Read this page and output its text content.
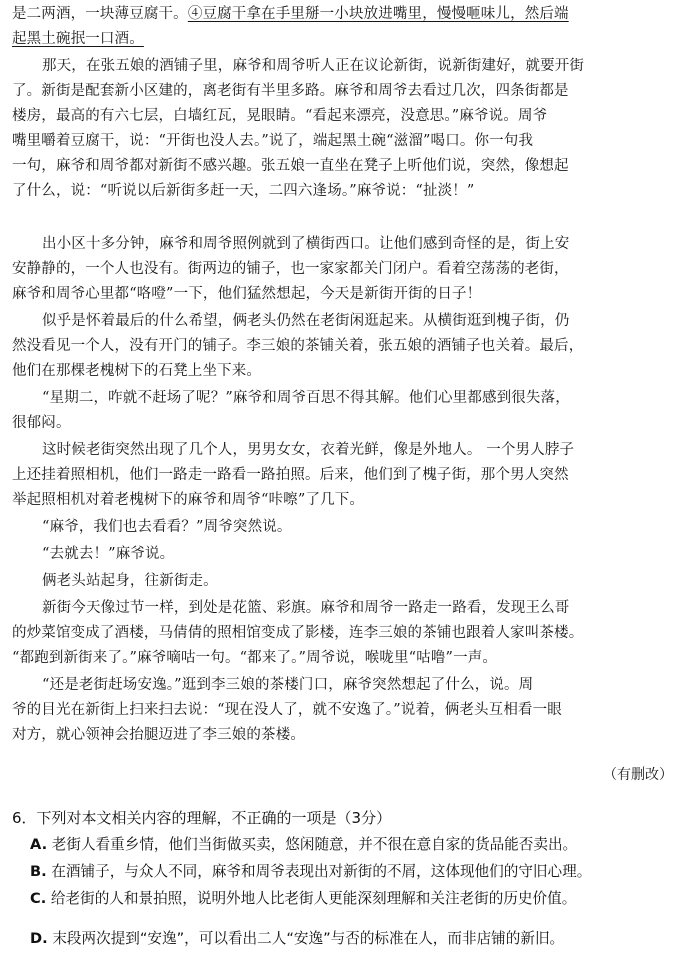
是二两酒，一块薄豆腐干。④豆腐干拿在手里掰一小块放进嘴里，慢慢咂味儿，然后端
起黑土碗抿一口酒。
那天，在张五娘的酒铺子里，麻爷和周爷听人正在议论新街，说新街建好，就要开街
了。新街是配套新小区建的，离老街有半里多路。麻爷和周爷去看过几次，四条街都是
楼房，最高的有六七层，白墙红瓦，晃眼睛。“看起来漂亮，没意思。”麻爷说。周爷
嘴里嚼着豆腐干，说：“开街也没人去。”说了，端起黑土碗“滋溜”喝口。你一句我
一句，麻爷和周爷都对新街不感兴趣。张五娘一直坐在凳子上听他们说，突然，像想起
了什么，说：“听说以后新街多赶一天，二四六逢场。”麻爷说：“扯淡！”
出小区十多分钟，麻爷和周爷照例就到了横街西口。让他们感到奇怪的是，街上安
安静静的，一个人也没有。街两边的铺子，也一家家都关门闭户。看着空荡荡的老街，
麻爷和周爷心里都“咯噔”一下，他们猛然想起，今天是新街开街的日子！
似乎是怀着最后的什么希望，俩老头仍然在老街闲逛起来。从横街逛到槐子街，仍
然没看见一个人，没有开门的铺子。李三娘的茶铺关着，张五娘的酒铺子也关着。最后，
他们在那棵老槐树下的石凳上坐下来。
“星期二，咋就不赶场了呢？”麻爷和周爷百思不得其解。他们心里都感到很失落，
很郁闷。
这时候老街突然出现了几个人，男男女女，衣着光鲜，像是外地人。 一个男人脖子
上还挂着照相机，他们一路走一路看一路拍照。后来，他们到了槐子街，那个男人突然
举起照相机对着老槐树下的麻爷和周爷“咔嚓”了几下。
“麻爷，我们也去看看？”周爷突然说。
“去就去！”麻爷说。
俩老头站起身，往新街走。
新街今天像过节一样，到处是花篮、彩旗。麻爷和周爷一路走一路看，发现王么哥
的炒菜馆变成了酒楼，马倩倩的照相馆变成了影楼，连李三娘的茶铺也跟着人家叫茶楼。
“都跑到新街来了。”麻爷嘀咕一句。“都来了。”周爷说，喉咙里“咕噜”一声。
“还是老街赶场安逸。”逛到李三娘的茶楼门口，麻爷突然想起了什么，说。周
爷的目光在新街上扫来扫去说：“现在没人了，就不安逸了。”说着，俩老头互相看一眼
对方，就心领神会抬腿迈进了李三娘的茶楼。
（有删改）
6．下列对本文相关内容的理解，不正确的一项是（3分）
A. 老街人看重乡情，他们当街做买卖，悠闲随意，并不很在意自家的货品能否卖出。
B. 在酒铺子，与众人不同，麻爷和周爷表现出对新街的不屑，这体现他们的守旧心理。
C. 给老街的人和景拍照，说明外地人比老街人更能深刻理解和关注老街的历史价值。
D. 末段两次提到“安逸”，可以看出二人“安逸”与否的标准在人，而非店铺的新旧。
